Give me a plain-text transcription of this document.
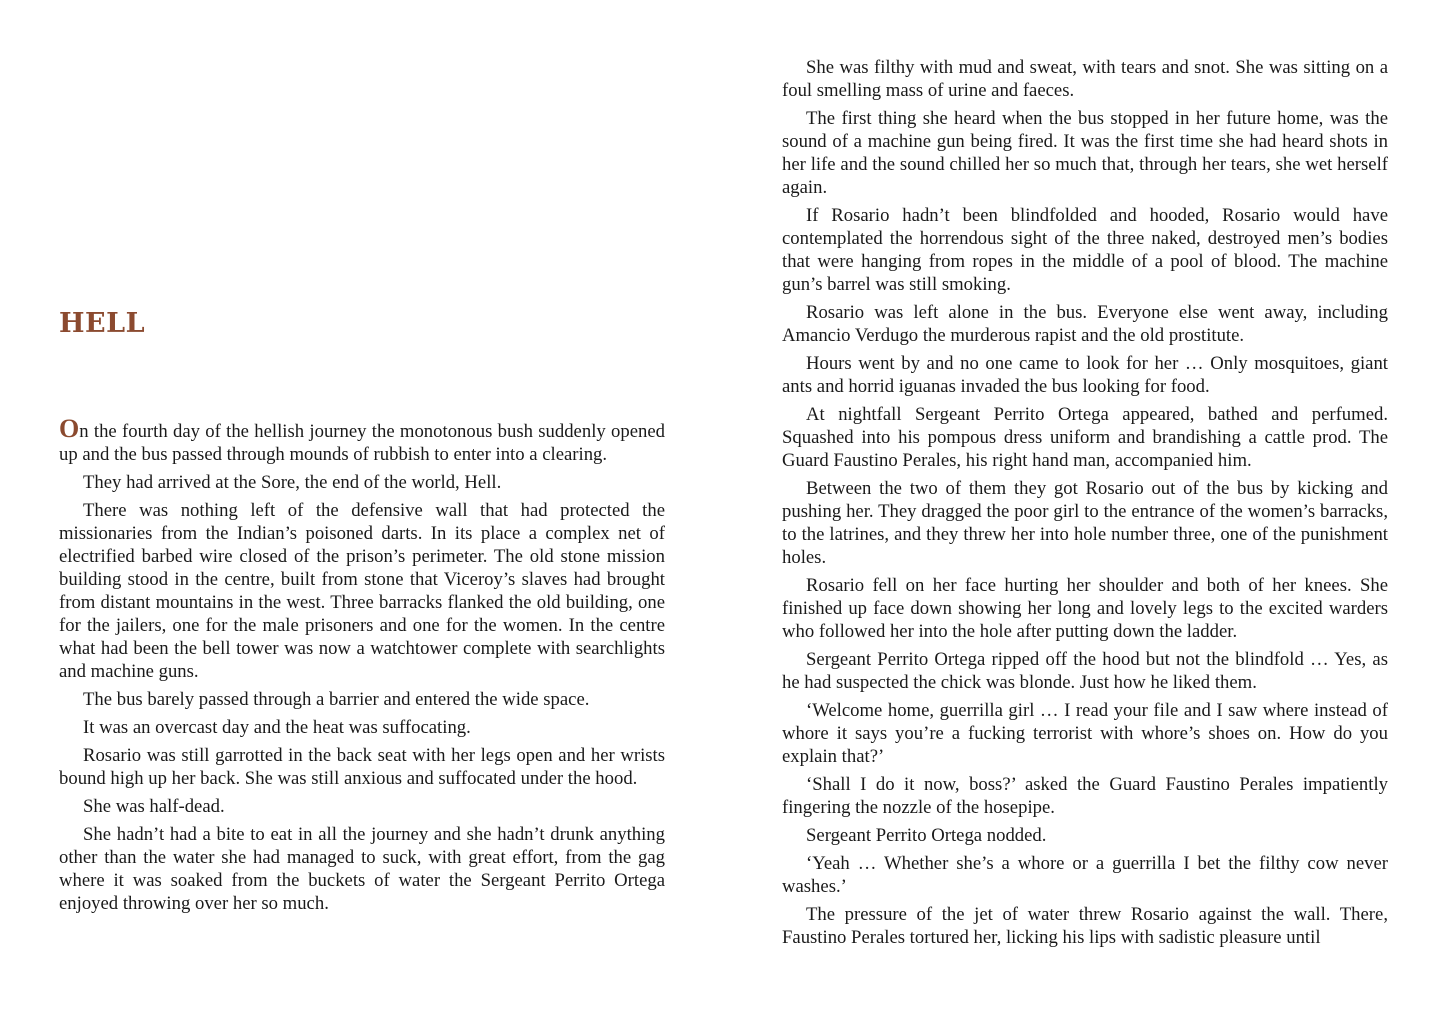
HELL

On the fourth day of the hellish journey the monotonous bush suddenly opened up and the bus passed through mounds of rubbish to enter into a clearing.

They had arrived at the Sore, the end of the world, Hell.

There was nothing left of the defensive wall that had protected the missionaries from the Indian’s poisoned darts. In its place a complex net of electrified barbed wire closed of the prison’s perimeter. The old stone mission building stood in the centre, built from stone that Viceroy’s slaves had brought from distant mountains in the west. Three barracks flanked the old building, one for the jailers, one for the male prisoners and one for the women. In the centre what had been the bell tower was now a watchtower complete with searchlights and machine guns.

The bus barely passed through a barrier and entered the wide space.

It was an overcast day and the heat was suffocating.

Rosario was still garrotted in the back seat with her legs open and her wrists bound high up her back. She was still anxious and suffocated under the hood.

She was half-dead.

She hadn’t had a bite to eat in all the journey and she hadn’t drunk anything other than the water she had managed to suck, with great effort, from the gag where it was soaked from the buckets of water the Sergeant Perrito Ortega enjoyed throwing over her so much.

She was filthy with mud and sweat, with tears and snot. She was sitting on a foul smelling mass of urine and faeces.

The first thing she heard when the bus stopped in her future home, was the sound of a machine gun being fired. It was the first time she had heard shots in her life and the sound chilled her so much that, through her tears, she wet herself again.

If Rosario hadn’t been blindfolded and hooded, Rosario would have contemplated the horrendous sight of the three naked, destroyed men’s bodies that were hanging from ropes in the middle of a pool of blood. The machine gun’s barrel was still smoking.

Rosario was left alone in the bus. Everyone else went away, including Amancio Verdugo the murderous rapist and the old prostitute.

Hours went by and no one came to look for her … Only mosquitoes, giant ants and horrid iguanas invaded the bus looking for food.

At nightfall Sergeant Perrito Ortega appeared, bathed and perfumed. Squashed into his pompous dress uniform and brandishing a cattle prod. The Guard Faustino Perales, his right hand man, accompanied him.

Between the two of them they got Rosario out of the bus by kicking and pushing her. They dragged the poor girl to the entrance of the women’s barracks, to the latrines, and they threw her into hole number three, one of the punishment holes.

Rosario fell on her face hurting her shoulder and both of her knees. She finished up face down showing her long and lovely legs to the excited warders who followed her into the hole after putting down the ladder.

Sergeant Perrito Ortega ripped off the hood but not the blindfold … Yes, as he had suspected the chick was blonde. Just how he liked them.

‘Welcome home, guerrilla girl … I read your file and I saw where instead of whore it says you’re a fucking terrorist with whore’s shoes on. How do you explain that?’

‘Shall I do it now, boss?’ asked the Guard Faustino Perales impatiently fingering the nozzle of the hosepipe.

Sergeant Perrito Ortega nodded.

‘Yeah … Whether she’s a whore or a guerrilla I bet the filthy cow never washes.’

The pressure of the jet of water threw Rosario against the wall. There, Faustino Perales tortured her, licking his lips with sadistic pleasure until
